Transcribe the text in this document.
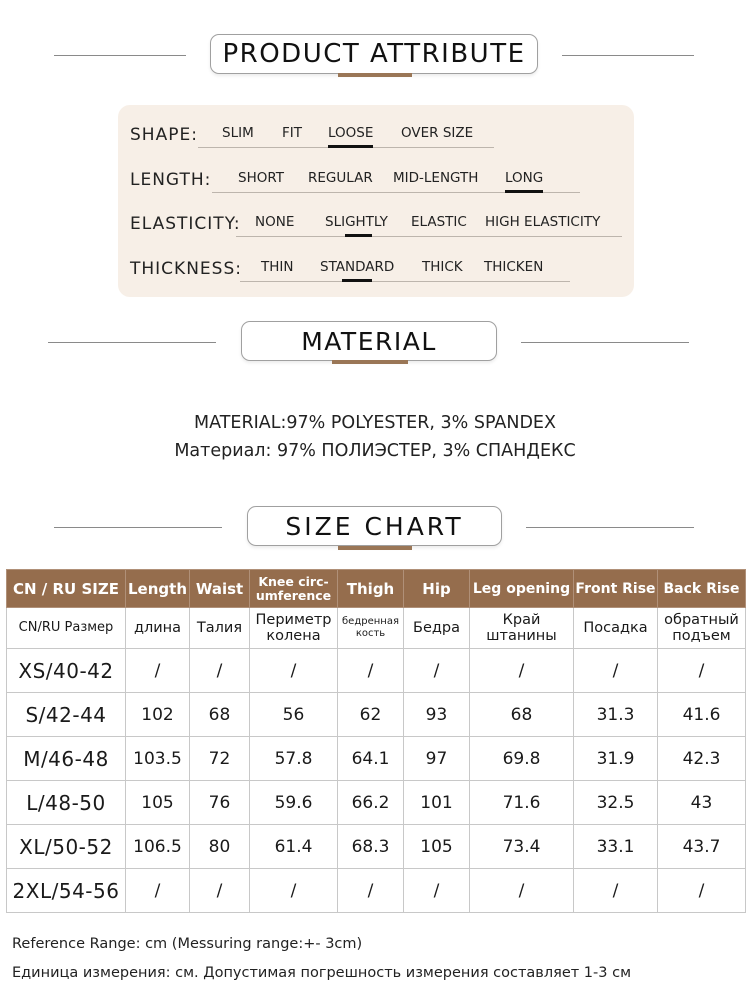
PRODUCT ATTRIBUTE
SHAPE: SLIM FIT LOOSE OVER SIZE
LENGTH: SHORT REGULAR MID-LENGTH LONG
ELASTICITY: NONE SLIGHTLY ELASTIC HIGH ELASTICITY
THICKNESS: THIN STANDARD THICK THICKEN
MATERIAL
MATERIAL:97% POLYESTER, 3% SPANDEX
Материал: 97% ПОЛИЭСТЕР, 3% СПАНДЕКС
SIZE CHART
CN / RU SIZE	Length	Waist	Knee circ-umference	Thigh	Hip	Leg opening	Front Rise	Back Rise
CN/RU Размер	длина	Талия	Периметр колена	бедренная кость	Бедра	Край штанины	Посадка	обратный подъем
XS/40-42	/	/	/	/	/	/	/	/
S/42-44	102	68	56	62	93	68	31.3	41.6
M/46-48	103.5	72	57.8	64.1	97	69.8	31.9	42.3
L/48-50	105	76	59.6	66.2	101	71.6	32.5	43
XL/50-52	106.5	80	61.4	68.3	105	73.4	33.1	43.7
2XL/54-56	/	/	/	/	/	/	/	/
Reference Range: cm (Messuring range:+- 3cm)
Единица измерения: см. Допустимая погрешность измерения составляет 1-3 см
